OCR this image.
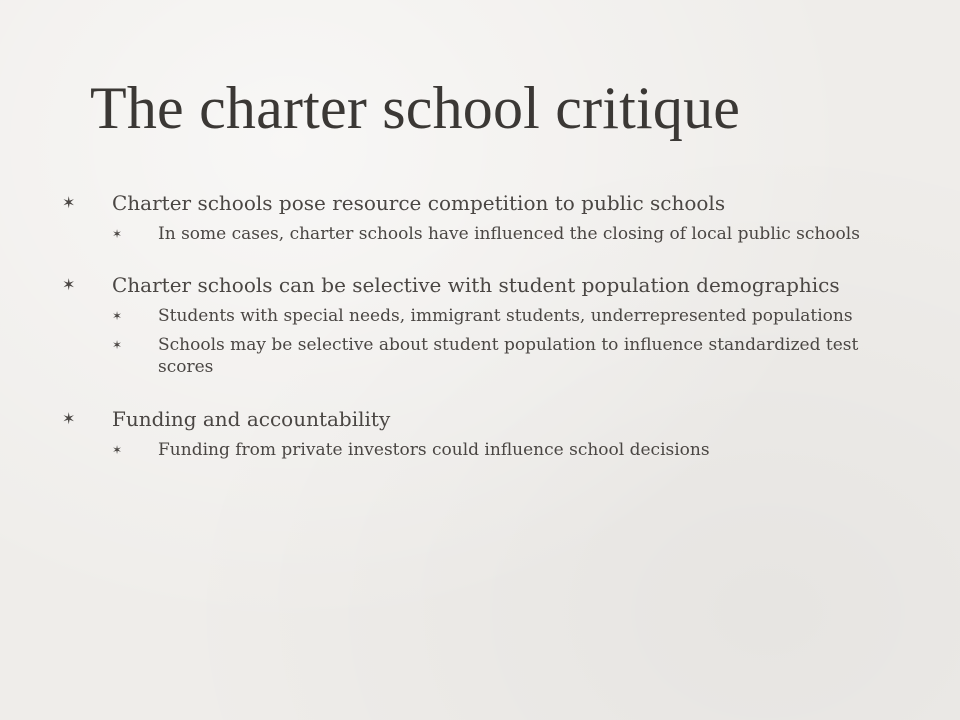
The charter school critique
✶ Charter schools pose resource competition to public schools
✶ In some cases, charter schools have influenced the closing of local public schools
✶ Charter schools can be selective with student population demographics
✶ Students with special needs, immigrant students, underrepresented populations
✶ Schools may be selective about student population to influence standardized test scores
✶ Funding and accountability
✶ Funding from private investors could influence school decisions
